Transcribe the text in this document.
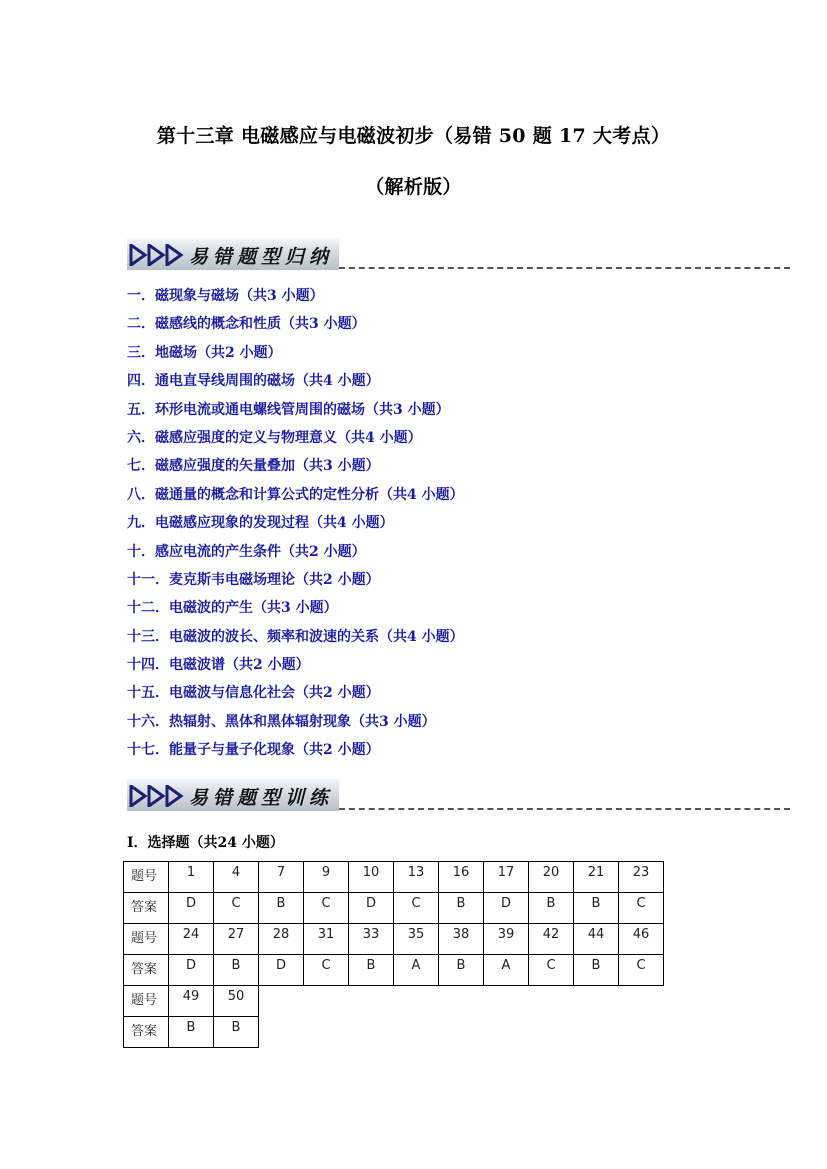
第十三章 电磁感应与电磁波初步（易错 50 题 17 大考点）
（解析版）
易错题型归纳
一．磁现象与磁场（共3 小题）
二．磁感线的概念和性质（共3 小题）
三．地磁场（共2 小题）
四．通电直导线周围的磁场（共4 小题）
五．环形电流或通电螺线管周围的磁场（共3 小题）
六．磁感应强度的定义与物理意义（共4 小题）
七．磁感应强度的矢量叠加（共3 小题）
八．磁通量的概念和计算公式的定性分析（共4 小题）
九．电磁感应现象的发现过程（共4 小题）
十．感应电流的产生条件（共2 小题）
十一．麦克斯韦电磁场理论（共2 小题）
十二．电磁波的产生（共3 小题）
十三．电磁波的波长、频率和波速的关系（共4 小题）
十四．电磁波谱（共2 小题）
十五．电磁波与信息化社会（共2 小题）
十六．热辐射、黑体和黑体辐射现象（共3 小题）
十七．能量子与量子化现象（共2 小题）
易错题型训练
Ⅰ．选择题（共24 小题）
题号	1	4	7	9	10	13	16	17	20	21	23
答案	D	C	B	C	D	C	B	D	B	B	C
题号	24	27	28	31	33	35	38	39	42	44	46
答案	D	B	D	C	B	A	B	A	C	B	C
题号	49	50									
答案	B	B									
